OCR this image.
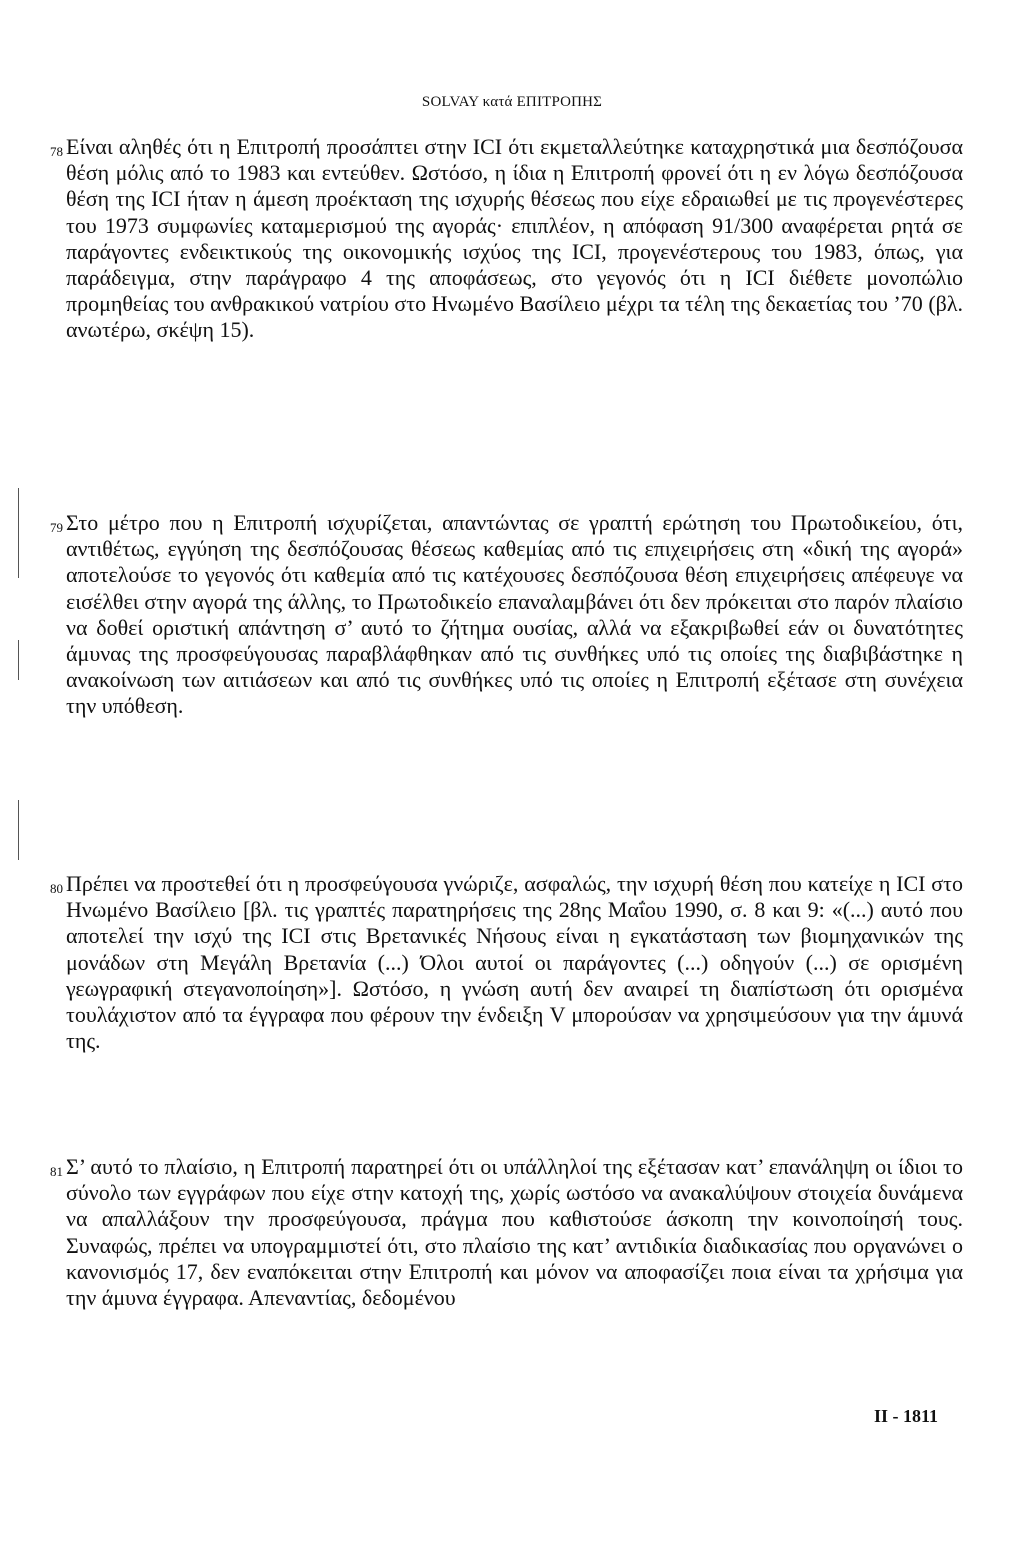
SOLVAY κατά ΕΠΙΤΡΟΠΗΣ
78 Είναι αληθές ότι η Επιτροπή προσάπτει στην ICI ότι εκμεταλλεύτηκε καταχρηστικά μια δεσπόζουσα θέση μόλις από το 1983 και εντεύθεν. Ωστόσο, η ίδια η Επιτροπή φρονεί ότι η εν λόγω δεσπόζουσα θέση της ICI ήταν η άμεση προέκταση της ισχυρής θέσεως που είχε εδραιωθεί με τις προγενέστερες του 1973 συμφωνίες καταμερισμού της αγοράς· επιπλέον, η απόφαση 91/300 αναφέρεται ρητά σε παράγοντες ενδεικτικούς της οικονομικής ισχύος της ICI, προγενέστερους του 1983, όπως, για παράδειγμα, στην παράγραφο 4 της αποφάσεως, στο γεγονός ότι η ICI διέθετε μονοπώλιο προμηθείας του ανθρακικού νατρίου στο Ηνωμένο Βασίλειο μέχρι τα τέλη της δεκαετίας του ’70 (βλ. ανωτέρω, σκέψη 15).
79 Στο μέτρο που η Επιτροπή ισχυρίζεται, απαντώντας σε γραπτή ερώτηση του Πρωτοδικείου, ότι, αντιθέτως, εγγύηση της δεσπόζουσας θέσεως καθεμίας από τις επιχειρήσεις στη «δική της αγορά» αποτελούσε το γεγονός ότι καθεμία από τις κατέχουσες δεσπόζουσα θέση επιχειρήσεις απέφευγε να εισέλθει στην αγορά της άλλης, το Πρωτοδικείο επαναλαμβάνει ότι δεν πρόκειται στο παρόν πλαίσιο να δοθεί οριστική απάντηση σ’ αυτό το ζήτημα ουσίας, αλλά να εξακριβωθεί εάν οι δυνατότητες άμυνας της προσφεύγουσας παραβλάφθηκαν από τις συνθήκες υπό τις οποίες της διαβιβάστηκε η ανακοίνωση των αιτιάσεων και από τις συνθήκες υπό τις οποίες η Επιτροπή εξέτασε στη συνέχεια την υπόθεση.
80 Πρέπει να προστεθεί ότι η προσφεύγουσα γνώριζε, ασφαλώς, την ισχυρή θέση που κατείχε η ICI στο Ηνωμένο Βασίλειο [βλ. τις γραπτές παρατηρήσεις της 28ης Μαΐου 1990, σ. 8 και 9: «(...) αυτό που αποτελεί την ισχύ της ICI στις Βρετανικές Νήσους είναι η εγκατάσταση των βιομηχανικών της μονάδων στη Μεγάλη Βρετανία (...) Όλοι αυτοί οι παράγοντες (...) οδηγούν (...) σε ορισμένη γεωγραφική στεγανοποίηση»]. Ωστόσο, η γνώση αυτή δεν αναιρεί τη διαπίστωση ότι ορισμένα τουλάχιστον από τα έγγραφα που φέρουν την ένδειξη V μπορούσαν να χρησιμεύσουν για την άμυνά της.
81 Σ’ αυτό το πλαίσιο, η Επιτροπή παρατηρεί ότι οι υπάλληλοί της εξέτασαν κατ’ επανάληψη οι ίδιοι το σύνολο των εγγράφων που είχε στην κατοχή της, χωρίς ωστόσο να ανακαλύψουν στοιχεία δυνάμενα να απαλλάξουν την προσφεύγουσα, πράγμα που καθιστούσε άσκοπη την κοινοποίησή τους. Συναφώς, πρέπει να υπογραμμιστεί ότι, στο πλαίσιο της κατ’ αντιδικία διαδικασίας που οργανώνει ο κανονισμός 17, δεν εναπόκειται στην Επιτροπή και μόνον να αποφασίζει ποια είναι τα χρήσιμα για την άμυνα έγγραφα. Απεναντίας, δεδομένου
II - 1811
